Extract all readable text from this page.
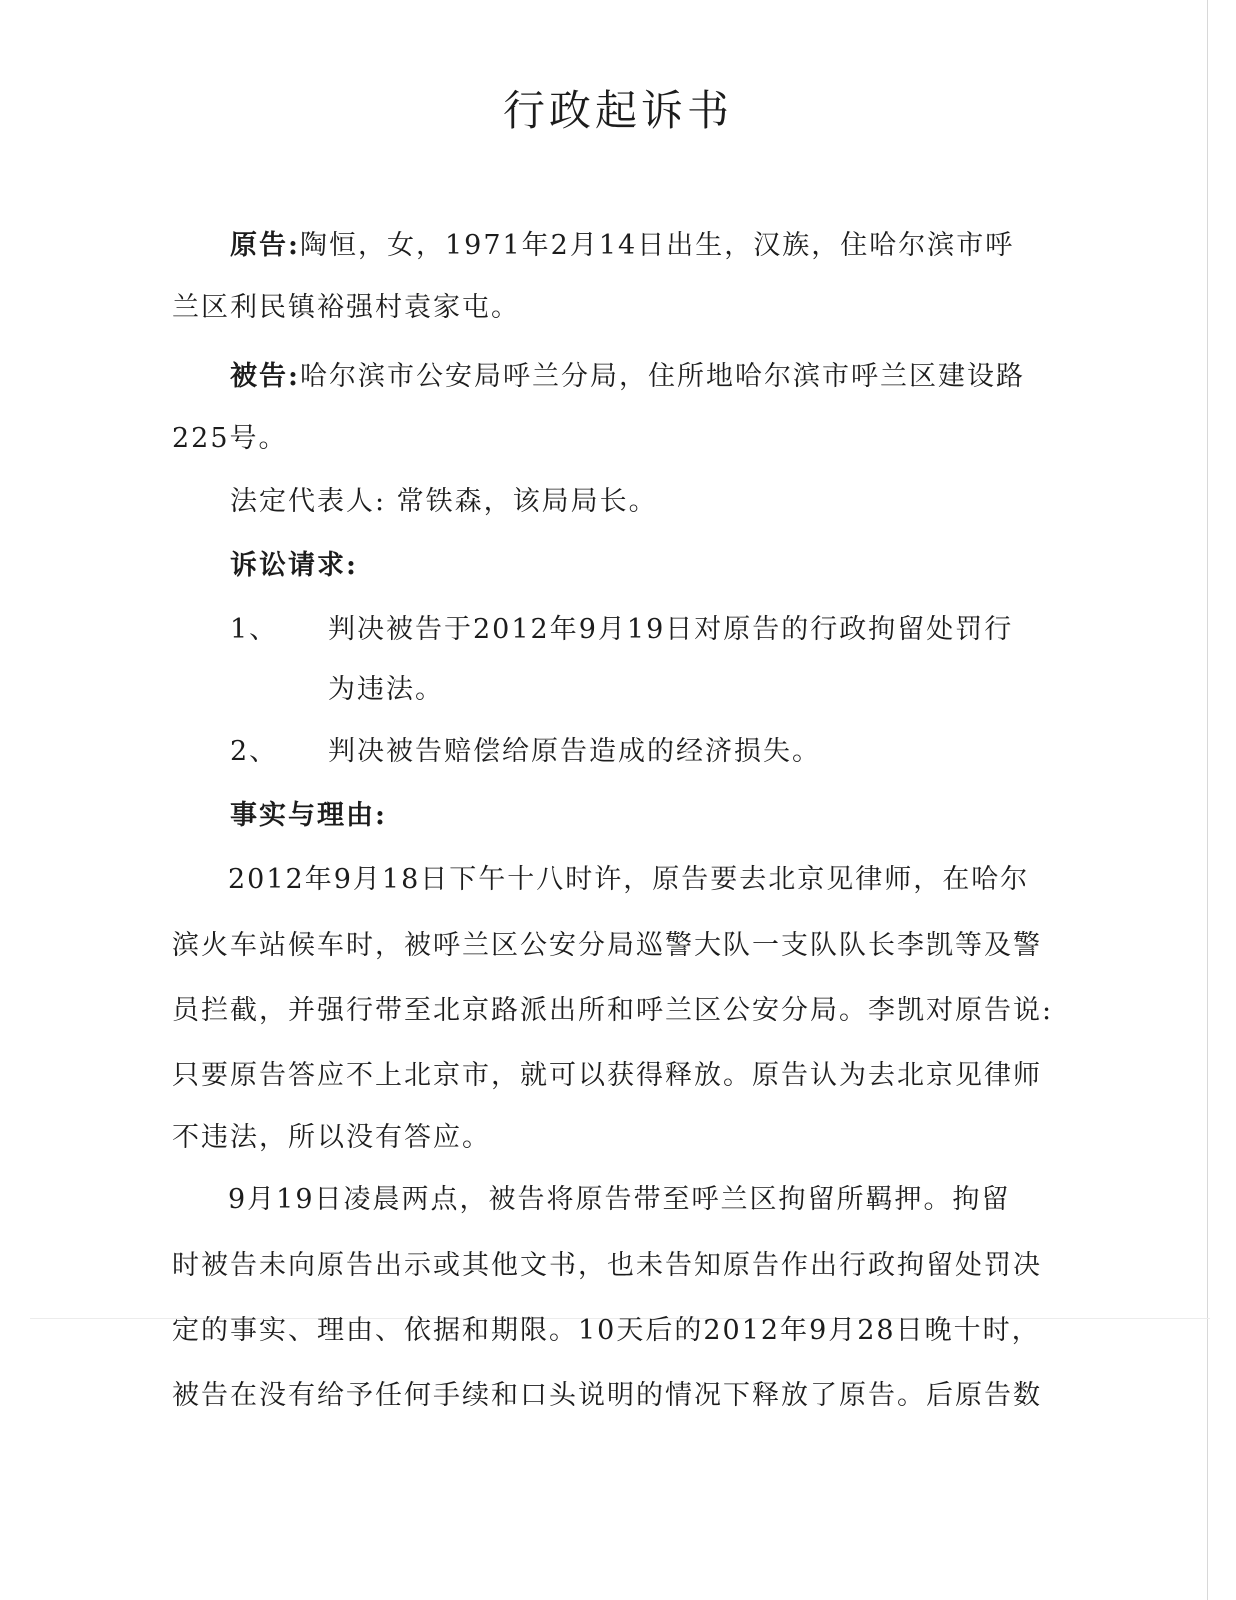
行政起诉书
原告:陶恒，女，1971年2月14日出生，汉族，住哈尔滨市呼
兰区利民镇裕强村袁家屯。
被告:哈尔滨市公安局呼兰分局，住所地哈尔滨市呼兰区建设路
225号。
法定代表人: 常铁森，该局局长。
诉讼请求:
1、 判决被告于2012年9月19日对原告的行政拘留处罚行
为违法。
2、 判决被告赔偿给原告造成的经济损失。
事实与理由:
2012年9月18日下午十八时许，原告要去北京见律师，在哈尔
滨火车站候车时，被呼兰区公安分局巡警大队一支队队长李凯等及警
员拦截，并强行带至北京路派出所和呼兰区公安分局。李凯对原告说:
只要原告答应不上北京市，就可以获得释放。原告认为去北京见律师
不违法，所以没有答应。
9月19日凌晨两点，被告将原告带至呼兰区拘留所羁押。拘留
时被告未向原告出示或其他文书，也未告知原告作出行政拘留处罚决
定的事实、理由、依据和期限。10天后的2012年9月28日晚十时，
被告在没有给予任何手续和口头说明的情况下释放了原告。后原告数
